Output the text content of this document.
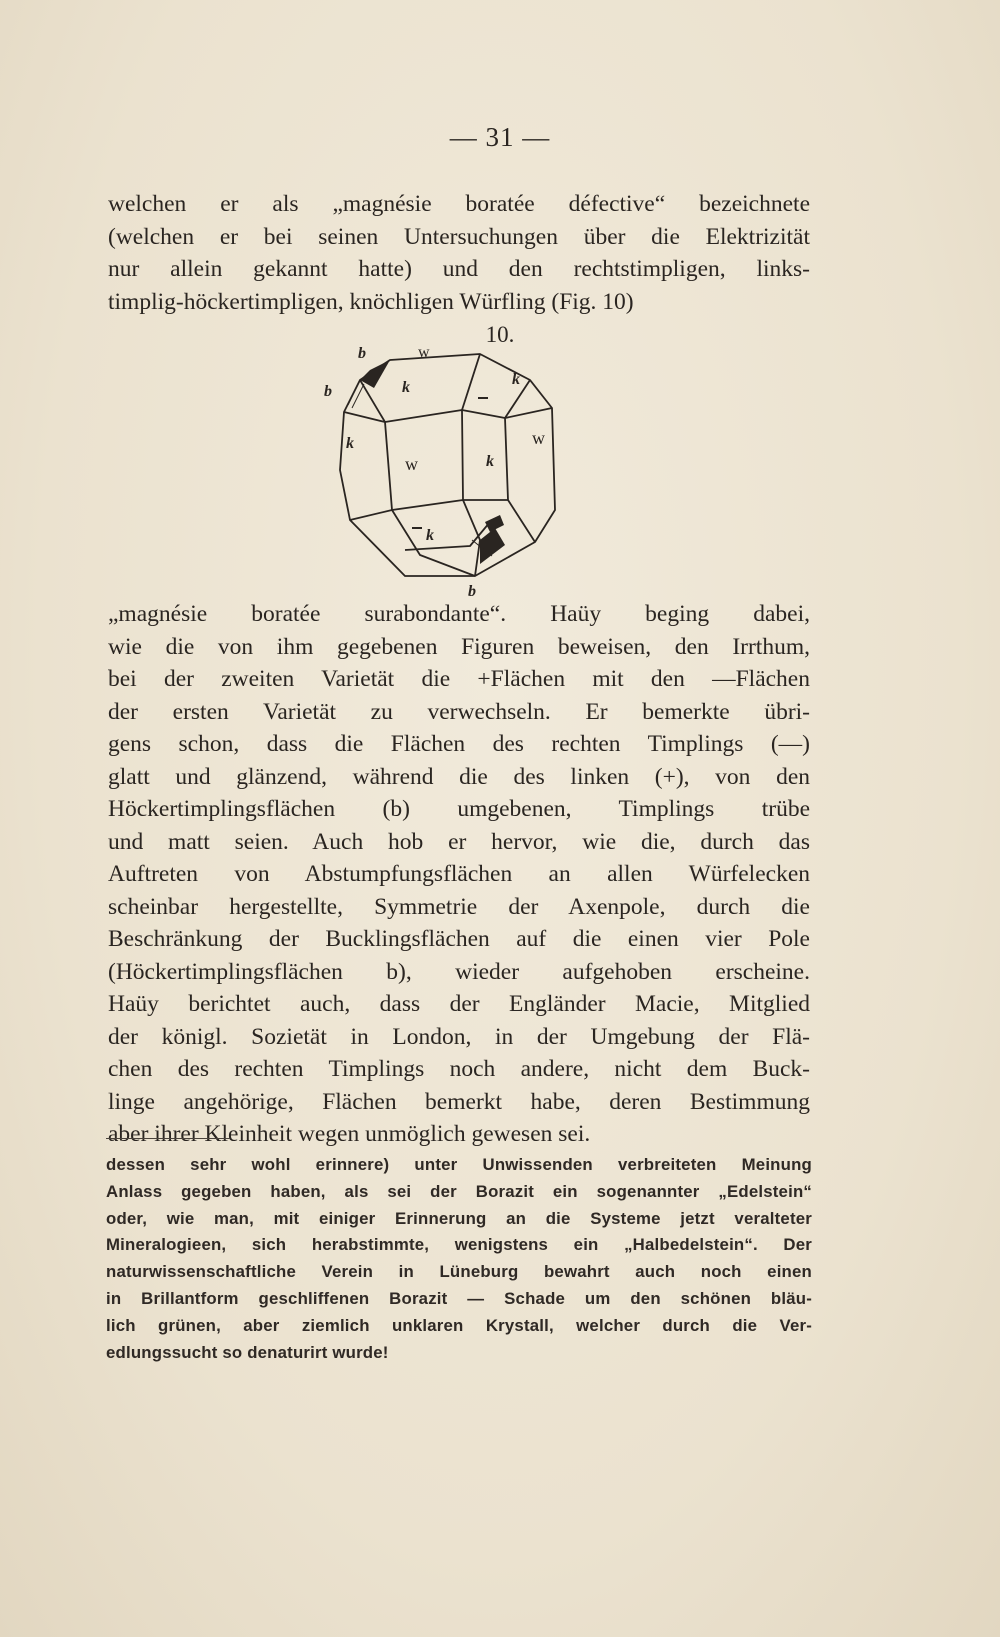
— 31 —
welchen er als „magnésie boratée défective“ bezeichnete
(welchen er bei seinen Untersuchungen über die Elektrizität
nur allein gekannt hatte) und den rechtstimpligen, links-
timplig-höckertimpligen, knöchligen Würfling (Fig. 10)
10.
w
w
w
k
k
k
k
k
b
b
b
„magnésie boratée surabondante“. Haüy beging dabei,
wie die von ihm gegebenen Figuren beweisen, den Irrthum,
bei der zweiten Varietät die +Flächen mit den —Flächen
der ersten Varietät zu verwechseln. Er bemerkte übri-
gens schon, dass die Flächen des rechten Timplings (—)
glatt und glänzend, während die des linken (+), von den
Höckertimplingsflächen (b) umgebenen, Timplings trübe
und matt seien. Auch hob er hervor, wie die, durch das
Auftreten von Abstumpfungsflächen an allen Würfelecken
scheinbar hergestellte, Symmetrie der Axenpole, durch die
Beschränkung der Bucklingsflächen auf die einen vier Pole
(Höckertimplingsflächen b), wieder aufgehoben erscheine.
Haüy berichtet auch, dass der Engländer Macie, Mitglied
der königl. Sozietät in London, in der Umgebung der Flä-
chen des rechten Timplings noch andere, nicht dem Buck-
linge angehörige, Flächen bemerkt habe, deren Bestimmung
aber ihrer Kleinheit wegen unmöglich gewesen sei.
dessen sehr wohl erinnere) unter Unwissenden verbreiteten Meinung
Anlass gegeben haben, als sei der Borazit ein sogenannter „Edelstein“
oder, wie man, mit einiger Erinnerung an die Systeme jetzt veralteter
Mineralogieen, sich herabstimmte, wenigstens ein „Halbedelstein“. Der
naturwissenschaftliche Verein in Lüneburg bewahrt auch noch einen
in Brillantform geschliffenen Borazit — Schade um den schönen bläu-
lich grünen, aber ziemlich unklaren Krystall, welcher durch die Ver-
edlungssucht so denaturirt wurde!
